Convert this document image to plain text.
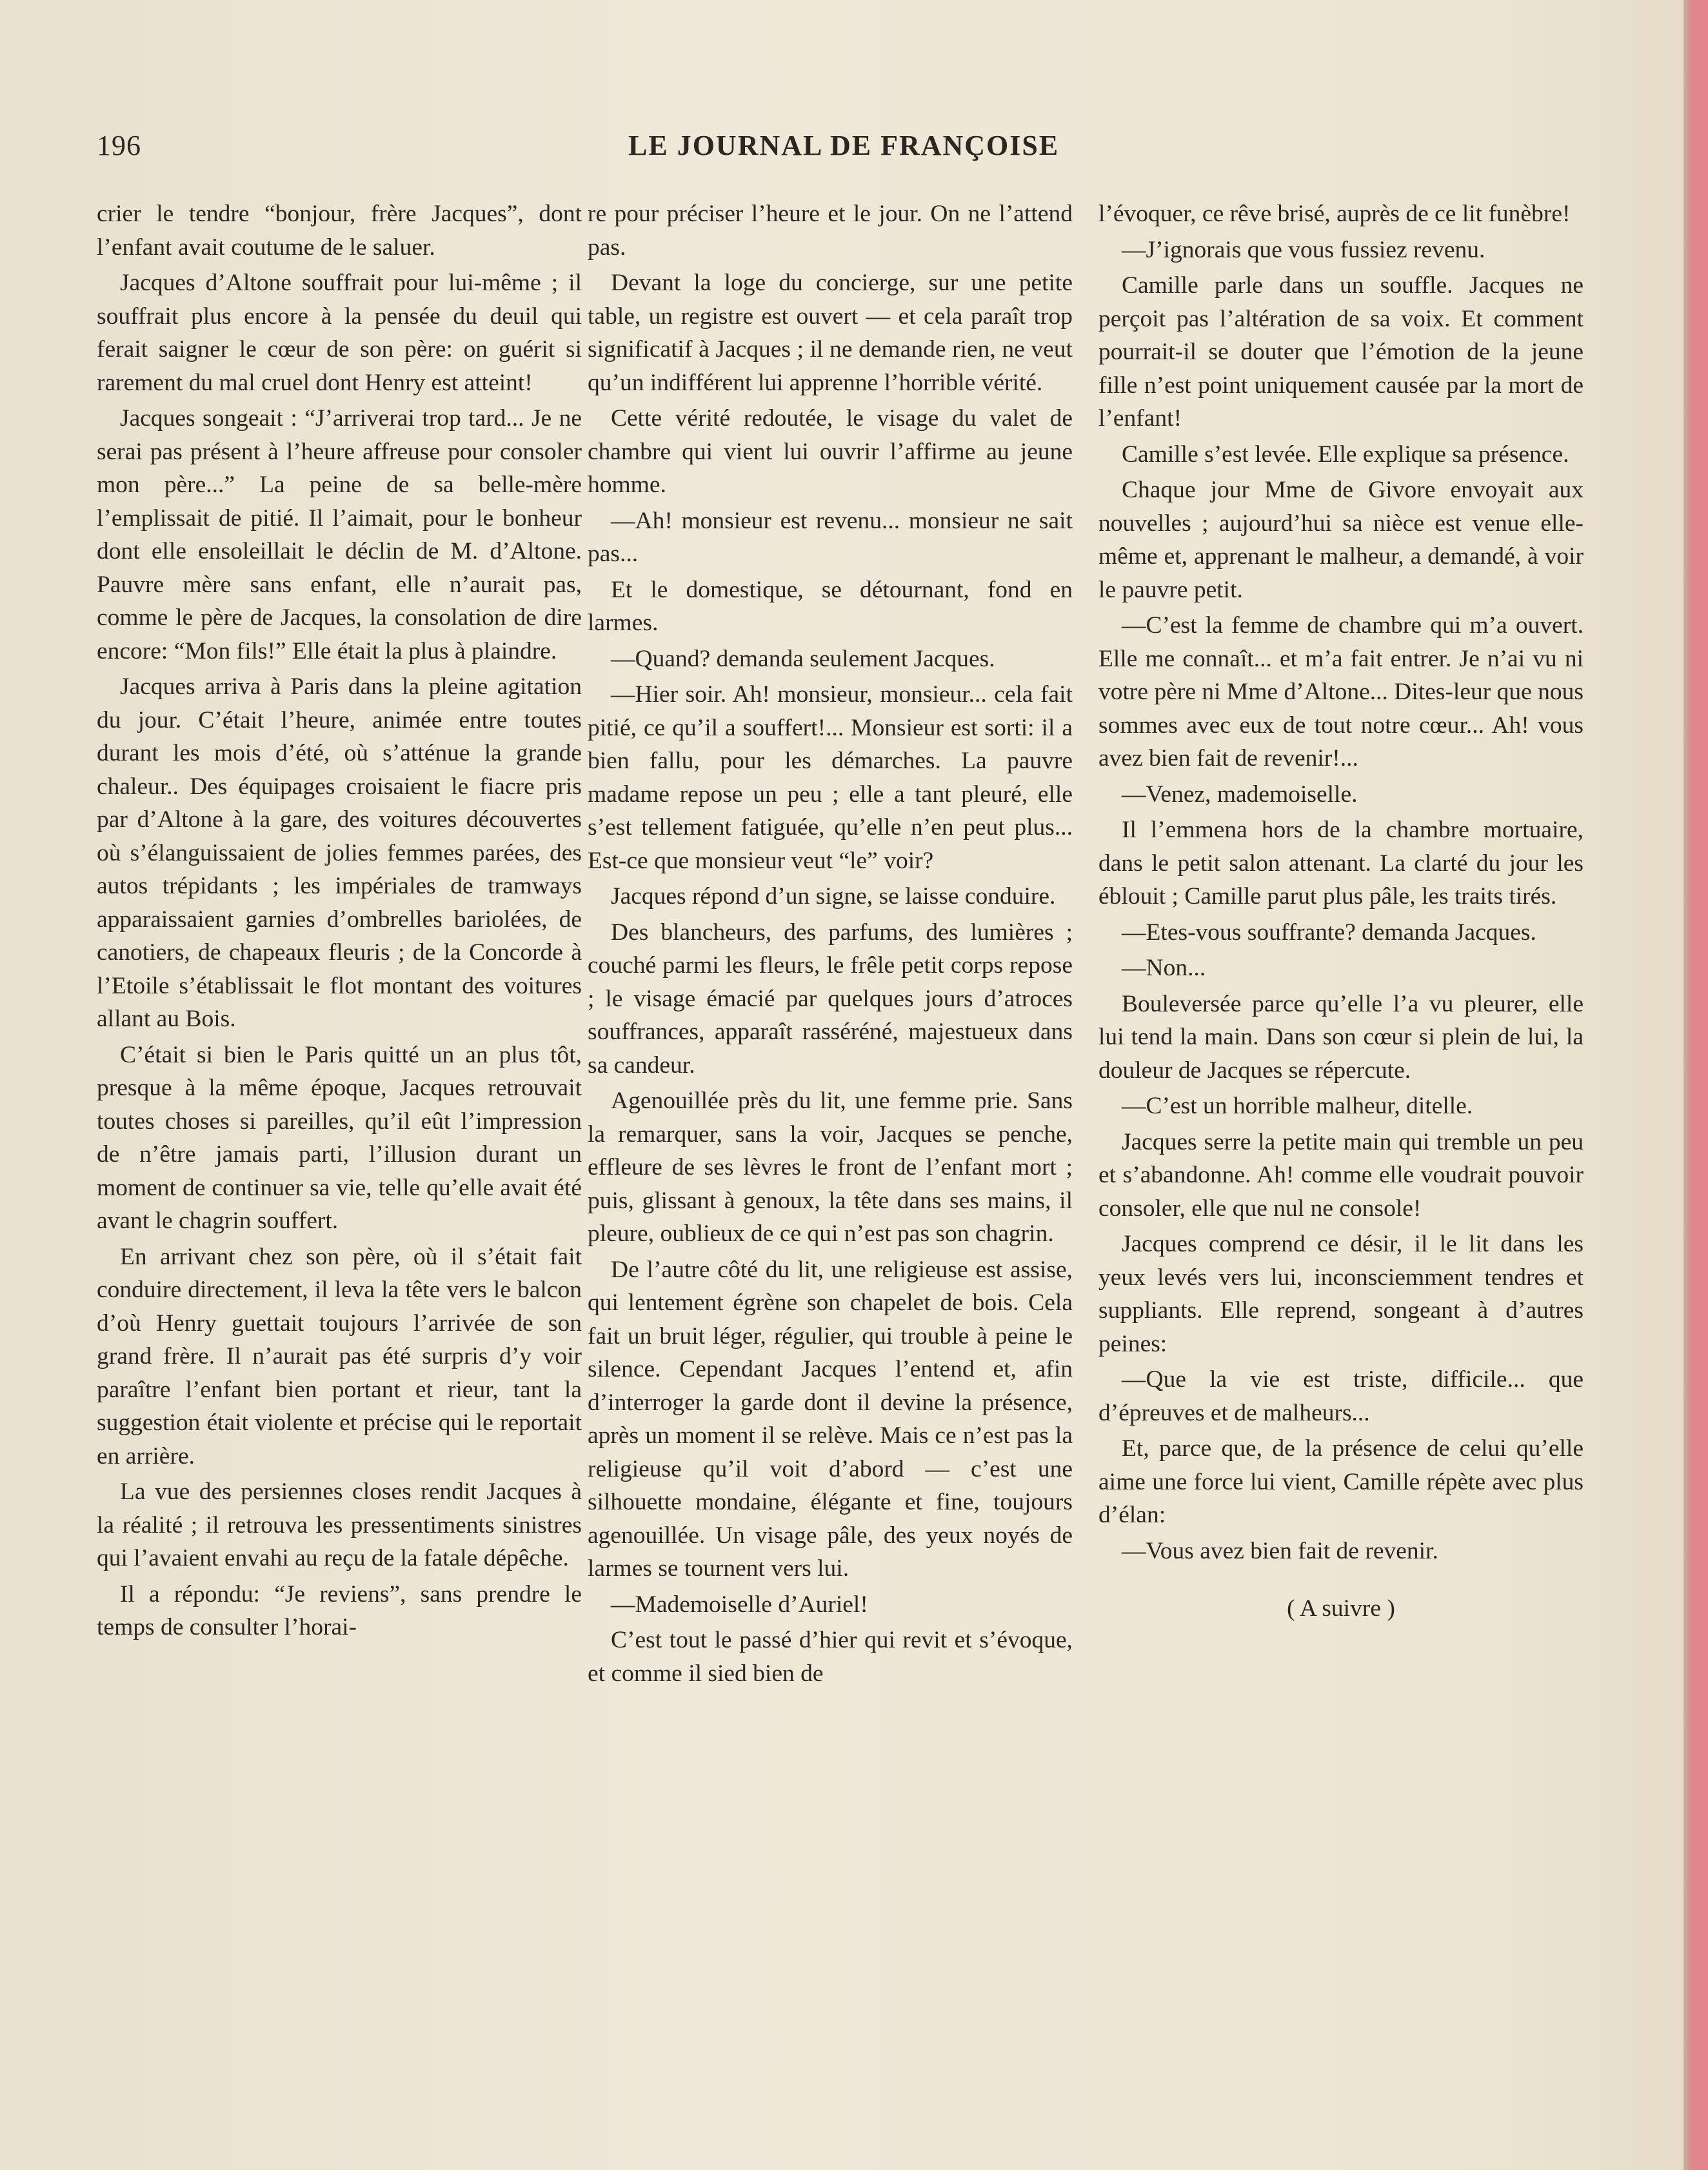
196	LE JOURNAL DE FRANÇOISE

crier le tendre “bonjour, frère Jacques”, dont l’enfant avait coutume de le saluer.

Jacques d’Altone souffrait pour lui-même ; il souffrait plus encore à la pensée du deuil qui ferait saigner le cœur de son père: on guérit si rarement du mal cruel dont Henry est atteint!

Jacques songeait : “J’arriverai trop tard... Je ne serai pas présent à l’heure affreuse pour consoler mon père...” La peine de sa belle-mère l’emplissait de pitié. Il l’aimait, pour le bonheur dont elle ensoleillait le déclin de M. d’Altone. Pauvre mère sans enfant, elle n’aurait pas, comme le père de Jacques, la consolation de dire encore: “Mon fils!” Elle était la plus à plaindre.

Jacques arriva à Paris dans la pleine agitation du jour. C’était l’heure, animée entre toutes durant les mois d’été, où s’atténue la grande chaleur.. Des équipages croisaient le fiacre pris par d’Altone à la gare, des voitures découvertes où s’élanguissaient de jolies femmes parées, des autos trépidants ; les impériales de tramways apparaissaient garnies d’ombrelles bariolées, de canotiers, de chapeaux fleuris ; de la Concorde à l’Etoile s’établissait le flot montant des voitures allant au Bois.

C’était si bien le Paris quitté un an plus tôt, presque à la même époque, Jacques retrouvait toutes choses si pareilles, qu’il eût l’impression de n’être jamais parti, l’illusion durant un moment de continuer sa vie, telle qu’elle avait été avant le chagrin souffert.

En arrivant chez son père, où il s’était fait conduire directement, il leva la tête vers le balcon d’où Henry guettait toujours l’arrivée de son grand frère. Il n’aurait pas été surpris d’y voir paraître l’enfant bien portant et rieur, tant la suggestion était violente et précise qui le reportait en arrière.

La vue des persiennes closes rendit Jacques à la réalité ; il retrouva les pressentiments sinistres qui l’avaient envahi au reçu de la fatale dépêche.

Il a répondu: “Je reviens”, sans prendre le temps de consulter l’horai-

re pour préciser l’heure et le jour. On ne l’attend pas.

Devant la loge du concierge, sur une petite table, un registre est ouvert — et cela paraît trop significatif à Jacques ; il ne demande rien, ne veut qu’un indifférent lui apprenne l’horrible vérité.

Cette vérité redoutée, le visage du valet de chambre qui vient lui ouvrir l’affirme au jeune homme.

—Ah! monsieur est revenu... monsieur ne sait pas...

Et le domestique, se détournant, fond en larmes.

—Quand? demanda seulement Jacques.

—Hier soir. Ah! monsieur, monsieur... cela fait pitié, ce qu’il a souffert!... Monsieur est sorti: il a bien fallu, pour les démarches. La pauvre madame repose un peu ; elle a tant pleuré, elle s’est tellement fatiguée, qu’elle n’en peut plus... Est-ce que monsieur veut “le” voir?

Jacques répond d’un signe, se laisse conduire.

Des blancheurs, des parfums, des lumières ; couché parmi les fleurs, le frêle petit corps repose ; le visage émacié par quelques jours d’atroces souffrances, apparaît rasséréné, majestueux dans sa candeur.

Agenouillée près du lit, une femme prie. Sans la remarquer, sans la voir, Jacques se penche, effleure de ses lèvres le front de l’enfant mort ; puis, glissant à genoux, la tête dans ses mains, il pleure, oublieux de ce qui n’est pas son chagrin.

De l’autre côté du lit, une religieuse est assise, qui lentement égrène son chapelet de bois. Cela fait un bruit léger, régulier, qui trouble à peine le silence. Cependant Jacques l’entend et, afin d’interroger la garde dont il devine la présence, après un moment il se relève. Mais ce n’est pas la religieuse qu’il voit d’abord — c’est une silhouette mondaine, élégante et fine, toujours agenouillée. Un visage pâle, des yeux noyés de larmes se tournent vers lui.

—Mademoiselle d’Auriel!

C’est tout le passé d’hier qui revit et s’évoque, et comme il sied bien de

l’évoquer, ce rêve brisé, auprès de ce lit funèbre!

—J’ignorais que vous fussiez revenu.

Camille parle dans un souffle. Jacques ne perçoit pas l’altération de sa voix. Et comment pourrait-il se douter que l’émotion de la jeune fille n’est point uniquement causée par la mort de l’enfant!

Camille s’est levée. Elle explique sa présence.

Chaque jour Mme de Givore envoyait aux nouvelles ; aujourd’hui sa nièce est venue elle-même et, apprenant le malheur, a demandé, à voir le pauvre petit.

—C’est la femme de chambre qui m’a ouvert. Elle me connaît... et m’a fait entrer. Je n’ai vu ni votre père ni Mme d’Altone... Dites-leur que nous sommes avec eux de tout notre cœur... Ah! vous avez bien fait de revenir!...

—Venez, mademoiselle.

Il l’emmena hors de la chambre mortuaire, dans le petit salon attenant. La clarté du jour les éblouit ; Camille parut plus pâle, les traits tirés.

—Etes-vous souffrante? demanda Jacques.

—Non...

Bouleversée parce qu’elle l’a vu pleurer, elle lui tend la main. Dans son cœur si plein de lui, la douleur de Jacques se répercute.

—C’est un horrible malheur, ditelle.

Jacques serre la petite main qui tremble un peu et s’abandonne. Ah! comme elle voudrait pouvoir consoler, elle que nul ne console!

Jacques comprend ce désir, il le lit dans les yeux levés vers lui, inconsciemment tendres et suppliants. Elle reprend, songeant à d’autres peines:

—Que la vie est triste, difficile... que d’épreuves et de malheurs...

Et, parce que, de la présence de celui qu’elle aime une force lui vient, Camille répète avec plus d’élan:

—Vous avez bien fait de revenir.

( A suivre )
